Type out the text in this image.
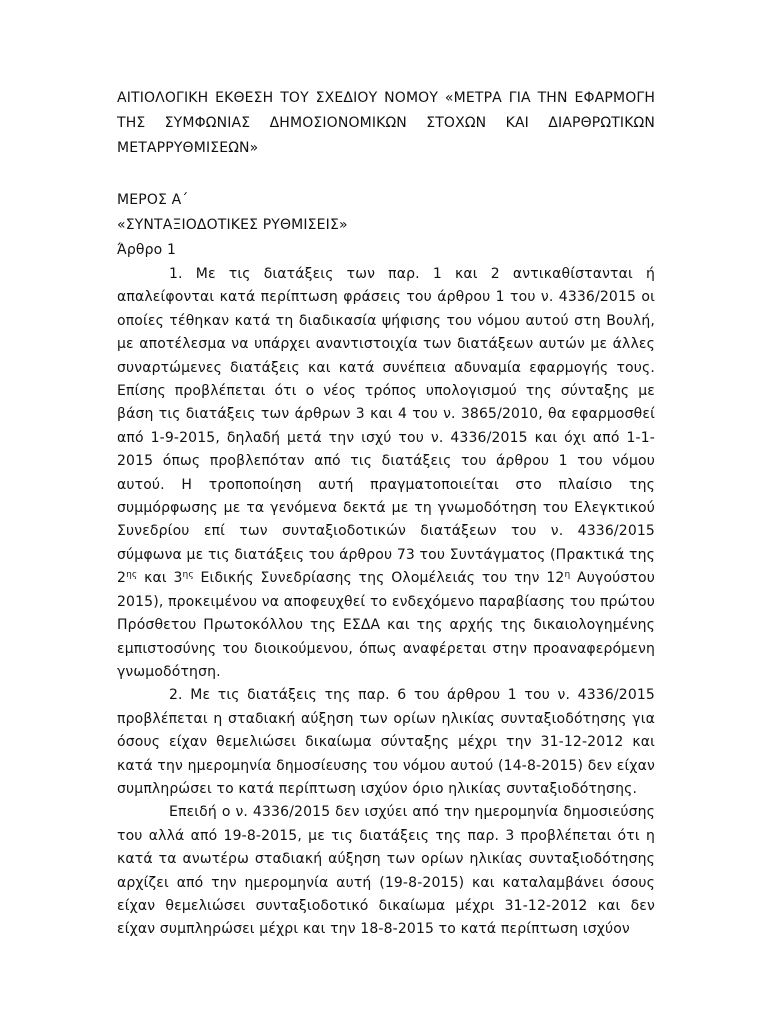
ΑΙΤΙΟΛΟΓΙΚΗ ΕΚΘΕΣΗ ΤΟΥ ΣΧΕΔΙΟΥ ΝΟΜΟΥ «ΜΕΤΡΑ ΓΙΑ ΤΗΝ ΕΦΑΡΜΟΓΗ
ΤΗΣ ΣΥΜΦΩΝΙΑΣ ΔΗΜΟΣΙΟΝΟΜΙΚΩΝ ΣΤΟΧΩΝ ΚΑΙ ΔΙΑΡΘΡΩΤΙΚΩΝ
ΜΕΤΑΡΡΥΘΜΙΣΕΩΝ»

ΜΕΡΟΣ Α΄

«ΣΥΝΤΑΞΙΟΔΟΤΙΚΕΣ ΡΥΘΜΙΣΕΙΣ»

Άρθρο 1

1. Με τις διατάξεις των παρ. 1 και 2 αντικαθίστανται ή απαλείφονται κατά περίπτωση φράσεις του άρθρου 1 του ν. 4336/2015 οι οποίες τέθηκαν κατά τη διαδικασία ψήφισης του νόμου αυτού στη Βουλή, με αποτέλεσμα να υπάρχει αναντιστοιχία των διατάξεων αυτών με άλλες συναρτώμενες διατάξεις και κατά συνέπεια αδυναμία εφαρμογής τους. Επίσης προβλέπεται ότι ο νέος τρόπος υπολογισμού της σύνταξης με βάση τις διατάξεις των άρθρων 3 και 4 του ν. 3865/2010, θα εφαρμοσθεί από 1-9-2015, δηλαδή μετά την ισχύ του ν. 4336/2015 και όχι από 1-1-2015 όπως προβλεπόταν από τις διατάξεις του άρθρου 1 του νόμου αυτού. Η τροποποίηση αυτή πραγματοποιείται στο πλαίσιο της συμμόρφωσης με τα γενόμενα δεκτά με τη γνωμοδότηση του Ελεγκτικού Συνεδρίου επί των συνταξιοδοτικών διατάξεων του ν. 4336/2015 σύμφωνα με τις διατάξεις του άρθρου 73 του Συντάγματος (Πρακτικά της $2^{\eta\varsigma}$ και $3^{\eta\varsigma}$ Ειδικής Συνεδρίασης της Ολομέλειάς του την $12^\eta$ Αυγούστου 2015), προκειμένου να αποφευχθεί το ενδεχόμενο παραβίασης του πρώτου Πρόσθετου Πρωτοκόλλου της ΕΣΔΑ και της αρχής της δικαιολογημένης εμπιστοσύνης του διοικούμενου, όπως αναφέρεται στην προαναφερόμενη γνωμοδότηση.

2. Με τις διατάξεις της παρ. 6 του άρθρου 1 του ν. 4336/2015 προβλέπεται η σταδιακή αύξηση των ορίων ηλικίας συνταξιοδότησης για όσους είχαν θεμελιώσει δικαίωμα σύνταξης μέχρι την 31-12-2012 και κατά την ημερομηνία δημοσίευσης του νόμου αυτού (14-8-2015) δεν είχαν συμπληρώσει το κατά περίπτωση ισχύον όριο ηλικίας συνταξιοδότησης.

Επειδή ο ν. 4336/2015 δεν ισχύει από την ημερομηνία δημοσιεύσης του αλλά από 19-8-2015, με τις διατάξεις της παρ. 3 προβλέπεται ότι η κατά τα ανωτέρω σταδιακή αύξηση των ορίων ηλικίας συνταξιοδότησης αρχίζει από την ημερομηνία αυτή (19-8-2015) και καταλαμβάνει όσους είχαν θεμελιώσει συνταξιοδοτικό δικαίωμα μέχρι 31-12-2012 και δεν είχαν συμπληρώσει μέχρι και την 18-8-2015 το κατά περίπτωση ισχύον
